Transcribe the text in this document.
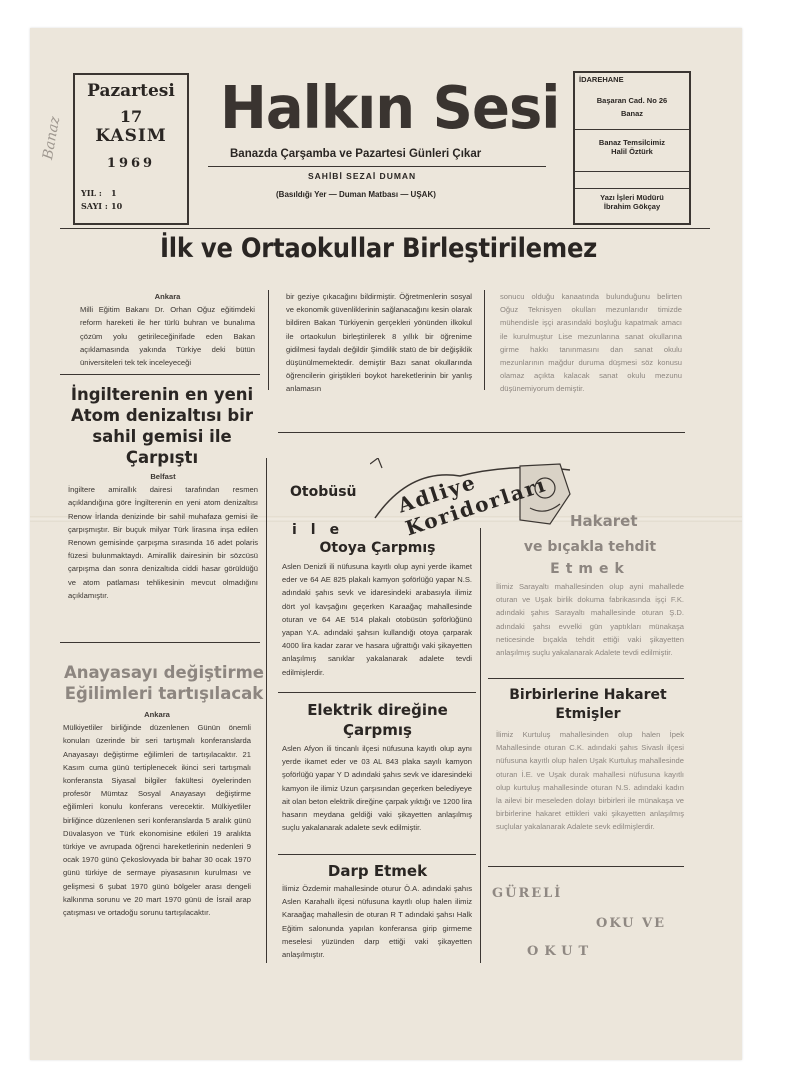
Banaz
Pazartesi
17
KASIM
1969
YIL : 1
SAYI : 10
Halkın Sesi
Banazda Çarşamba ve Pazartesi Günleri Çıkar
SAHİBİ SEZAİ DUMAN
(Basıldığı Yer — Duman Matbası — UŞAK)
İDAREHANE
Başaran Cad. No 26
Banaz
Banaz Temsilcimiz
Halil Öztürk
Yazı İşleri Müdürü
İbrahim Gökçay
İlk ve Ortaokullar Birleştirilemez
Ankara

Milli Eğitim Bakanı Dr. Orhan Oğuz eğitimdeki reform hareketi ile her türlü buhran ve bunalıma çözüm yolu getirileceğinifade eden Bakan açıklamasında yakında Türkiye deki bütün üniversiteleri tek tek inceleyeceği

bir geziye çıkacağını bildirmiştir. Öğretmenlerin sosyal ve ekonomik güvenliklerinin sağlanacağını kesin olarak bildiren Bakan Türkiyenin gerçekleri yönünden ilkokul ile ortaokulun birleştirilerek 8 yıllık bir öğrenime gidilmesi faydalı değildir Şimdilik statü de bir değişiklik düşünülmemektedir. demiştir Bazı sanat okullarında öğrencilerin giriştikleri boykot hareketlerinin bir yanlış anlamasın

sonucu olduğu kanaatında bulunduğunu belirten Oğuz Teknisyen okulları mezunlarıdır timizde mühendisle işçi arasındaki boşluğu kapatmak amacı ile kurulmuştur Lise mezunlarına sanat okullarına girme hakkı tanınmasını dan sanat okulu mezunlarının mağdur duruma düşmesi söz konusu olamaz açıkta kalacak sanat okulu mezunu düşünemiyorum demiştir.

İngilterenin en yeni Atom denizaltısı bir sahil gemisi ile Çarpıştı
Belfast

İngiltere amirallık dairesi tarafından resmen açıklandığına göre İngilterenin en yeni atom denizaltısı Renow İrlanda denizinde bir sahil muhafaza gemisi ile çarpışmıştır. Bir buçuk milyar Türk lirasına inşa edilen Renown gemisinde çarpışma sırasında 16 adet polaris füzesi bulunmaktaydı. Amirallik dairesinin bir sözcüsü çarpışma dan sonra denizaltıda ciddi hasar görüldüğü ve atom patlaması tehlikesinin mevcut olmadığını açıklamıştır.

Anayasayı değiştirme Eğilimleri tartışılacak
Ankara

Mülkiyetliler birliğinde düzenlenen Günün önemli konuları üzerinde bir seri tartışmalı konferanslarda Anayasayı değiştirme eğilimleri de tartışılacaktır. 21 Kasım cuma günü tertiplenecek ikinci seri tartışmalı konferansta Siyasal bilgiler fakültesi öyelerinden profesör Mümtaz Sosyal Anayasayı değiştirme eğilimleri konulu konferans verecektir. Mülkiyetliler birliğince düzenlenen seri konferanslarda 5 aralık günü Düvalasyon ve Türk ekonomisine etkileri 19 aralıkta türkiye ve avrupada öğrenci hareketlerinin nedenleri 9 ocak 1970 günü Çekoslovyada bir bahar 30 ocak 1970 günü türkiye de sermaye piyasasının kurulması ve gelişmesi 6 şubat 1970 günü bölgeler arası dengeli kalkınma sorunu ve 20 mart 1970 günü de İsrail arap çatışması ve ortadoğu sorunu tartışılacaktır.

Adliye Koridorları
Otobüsü
ile
Otoya Çarpmış

Aslen Denizli ili nüfusuna kayıtlı olup ayni yerde ikamet eder ve 64 AE 825 plakalı kamyon şoförlüğü yapar N.S. adındaki şahıs sevk ve idaresindeki arabasıyla ilimiz dört yol kavşağını geçerken Karaağaç mahallesinde oturan ve 64 AE 514 plakalı otobüsün şoförlüğünü yapan Y.A. adındaki şahsın kullandığı otoya çarparak 4000 lira kadar zarar ve hasara uğrattığı vaki şikayetten anlaşılmış sanıklar yakalanarak adalete tevdi edilmişlerdir.

Elektrik direğine Çarpmış

Aslen Afyon ili tincanlı ilçesi nüfusuna kayıtlı olup aynı yerde ikamet eder ve 03 AL 843 plaka sayılı kamyon şoförlüğü yapar Y D adındaki şahıs sevk ve idaresindeki kamyon ile ilimiz Uzun çarşısından geçerken belediyeye ait olan beton elektrik direğine çarpak yıktığı ve 1200 lira hasarın meydana geldiği vaki şikayetten anlaşılmış suçlu yakalanarak adalete sevk edilmiştir.

Darp Etmek

İlimiz Özdemir mahallesinde oturur Ö.A. adındaki şahıs Aslen Karahallı ilçesi nüfusuna kayıtlı olup halen ilimiz Karaağaç mahallesin de oturan R T adındaki şahsı Halk Eğitim salonunda yapılan konferansa girip girmeme meselesi yüzünden darp ettiği vaki şikayetten anlaşılmıştır.

Hakaret
ve bıçakla tehdit
Etmek

İlimiz Sarayaltı mahallesinden olup ayni mahallede oturan ve Uşak birlik dokuma fabrikasında işçi F.K. adındaki şahıs Sarayaltı mahallesinde oturan Ş.D. adındaki şahsı evvelki gün yaptıkları münakaşa neticesinde bıçakla tehdit ettiği vaki şikayetten anlaşılmış suçlu yakalanarak Adalete tevdi edilmiştir.

Birbirlerine Hakaret Etmişler

İlimiz Kurtuluş mahallesinden olup halen İpek Mahallesinde oturan C.K. adındaki şahıs Sivaslı ilçesi nüfusuna kayıtlı olup halen Uşak Kurtuluş mahallesinde oturan İ.E. ve Uşak durak mahallesi nüfusuna kayıtlı olup kurtuluş mahallesinde oturan N.S. adındaki kadın la ailevi bir meseleden dolayı birbirleri ile münakaşa ve birbirlerine hakaret ettikleri vaki şikayetten anlaşılmış suçlular yakalanarak Adalete sevk edilmişlerdir.

GÜRELİ
OKU VE
OKUT
